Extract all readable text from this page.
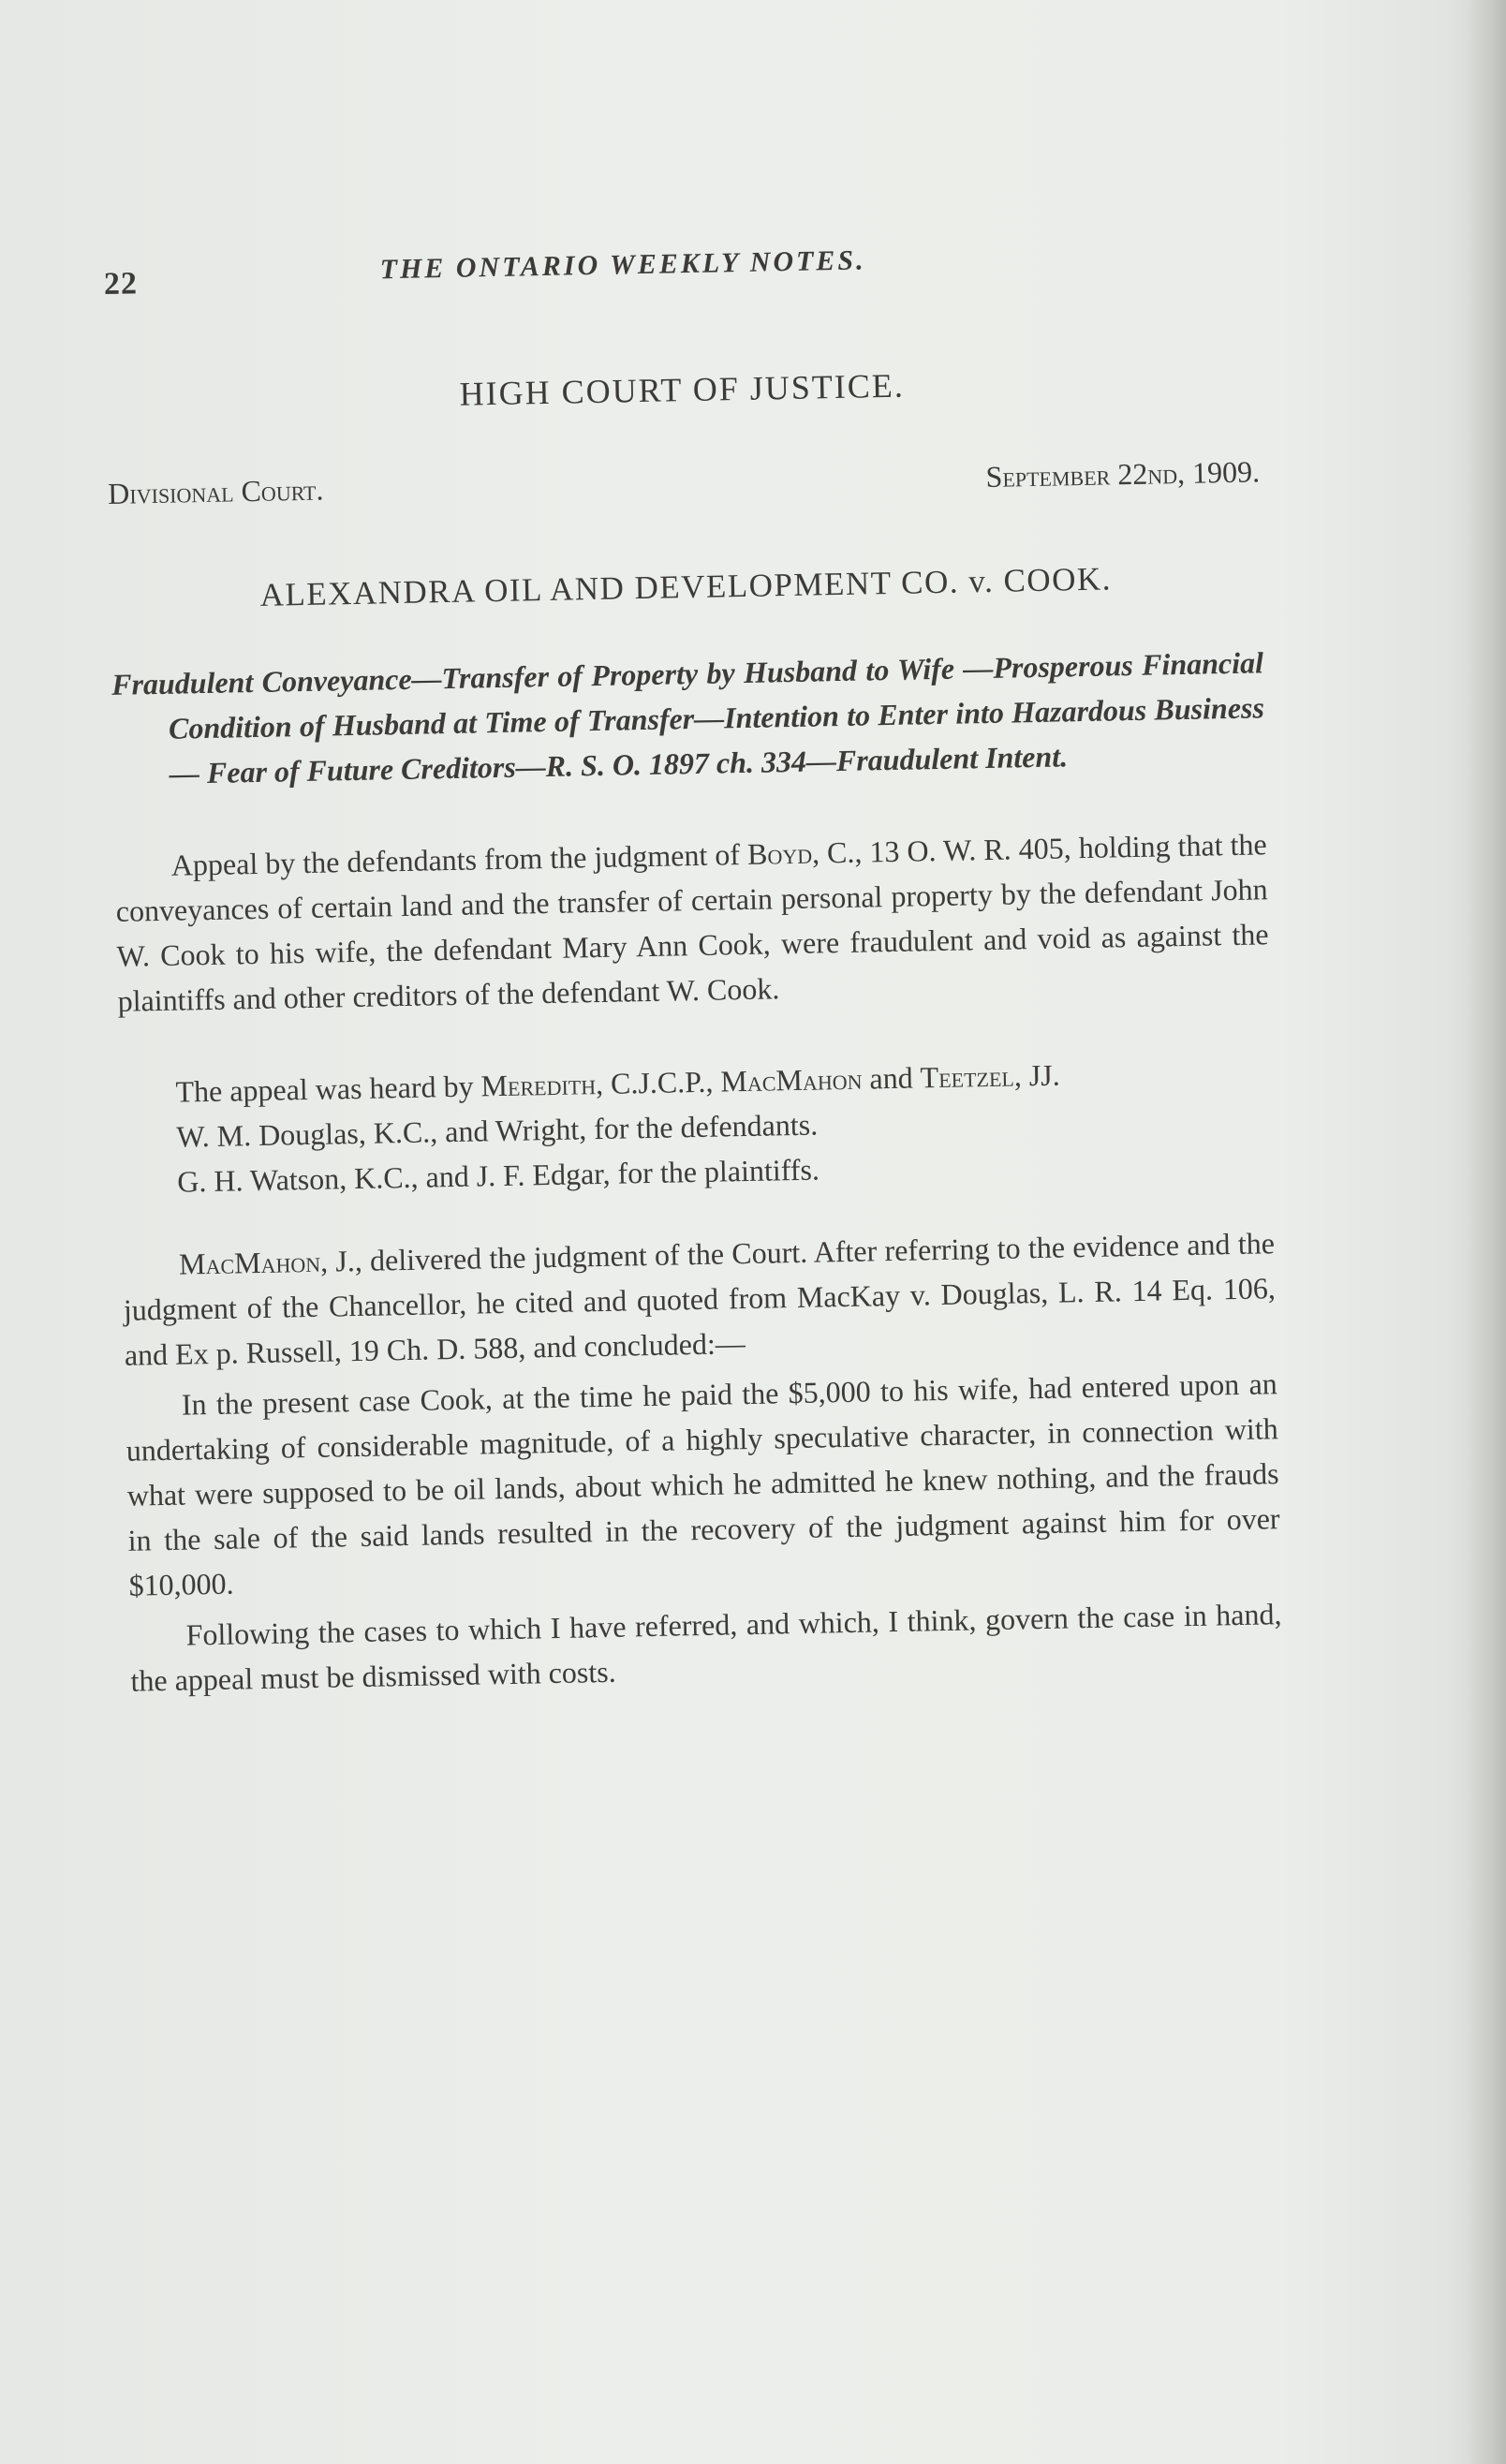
22	THE ONTARIO WEEKLY NOTES.
HIGH COURT OF JUSTICE.
Divisional Court.	September 22nd, 1909.
ALEXANDRA OIL AND DEVELOPMENT CO. v. COOK.
Fraudulent Conveyance—Transfer of Property by Husband to Wife —Prosperous Financial Condition of Husband at Time of Transfer—Intention to Enter into Hazardous Business — Fear of Future Creditors—R. S. O. 1897 ch. 334—Fraudulent Intent.

Appeal by the defendants from the judgment of Boyd, C., 13 O. W. R. 405, holding that the conveyances of certain land and the transfer of certain personal property by the defendant John W. Cook to his wife, the defendant Mary Ann Cook, were fraudulent and void as against the plaintiffs and other creditors of the defendant W. Cook.

The appeal was heard by Meredith, C.J.C.P., MacMahon and Teetzel, JJ.

W. M. Douglas, K.C., and Wright, for the defendants.

G. H. Watson, K.C., and J. F. Edgar, for the plaintiffs.

MacMahon, J., delivered the judgment of the Court. After referring to the evidence and the judgment of the Chancellor, he cited and quoted from MacKay v. Douglas, L. R. 14 Eq. 106, and Ex p. Russell, 19 Ch. D. 588, and concluded:—

In the present case Cook, at the time he paid the $5,000 to his wife, had entered upon an undertaking of considerable magnitude, of a highly speculative character, in connection with what were supposed to be oil lands, about which he admitted he knew nothing, and the frauds in the sale of the said lands resulted in the recovery of the judgment against him for over $10,000.

Following the cases to which I have referred, and which, I think, govern the case in hand, the appeal must be dismissed with costs.
